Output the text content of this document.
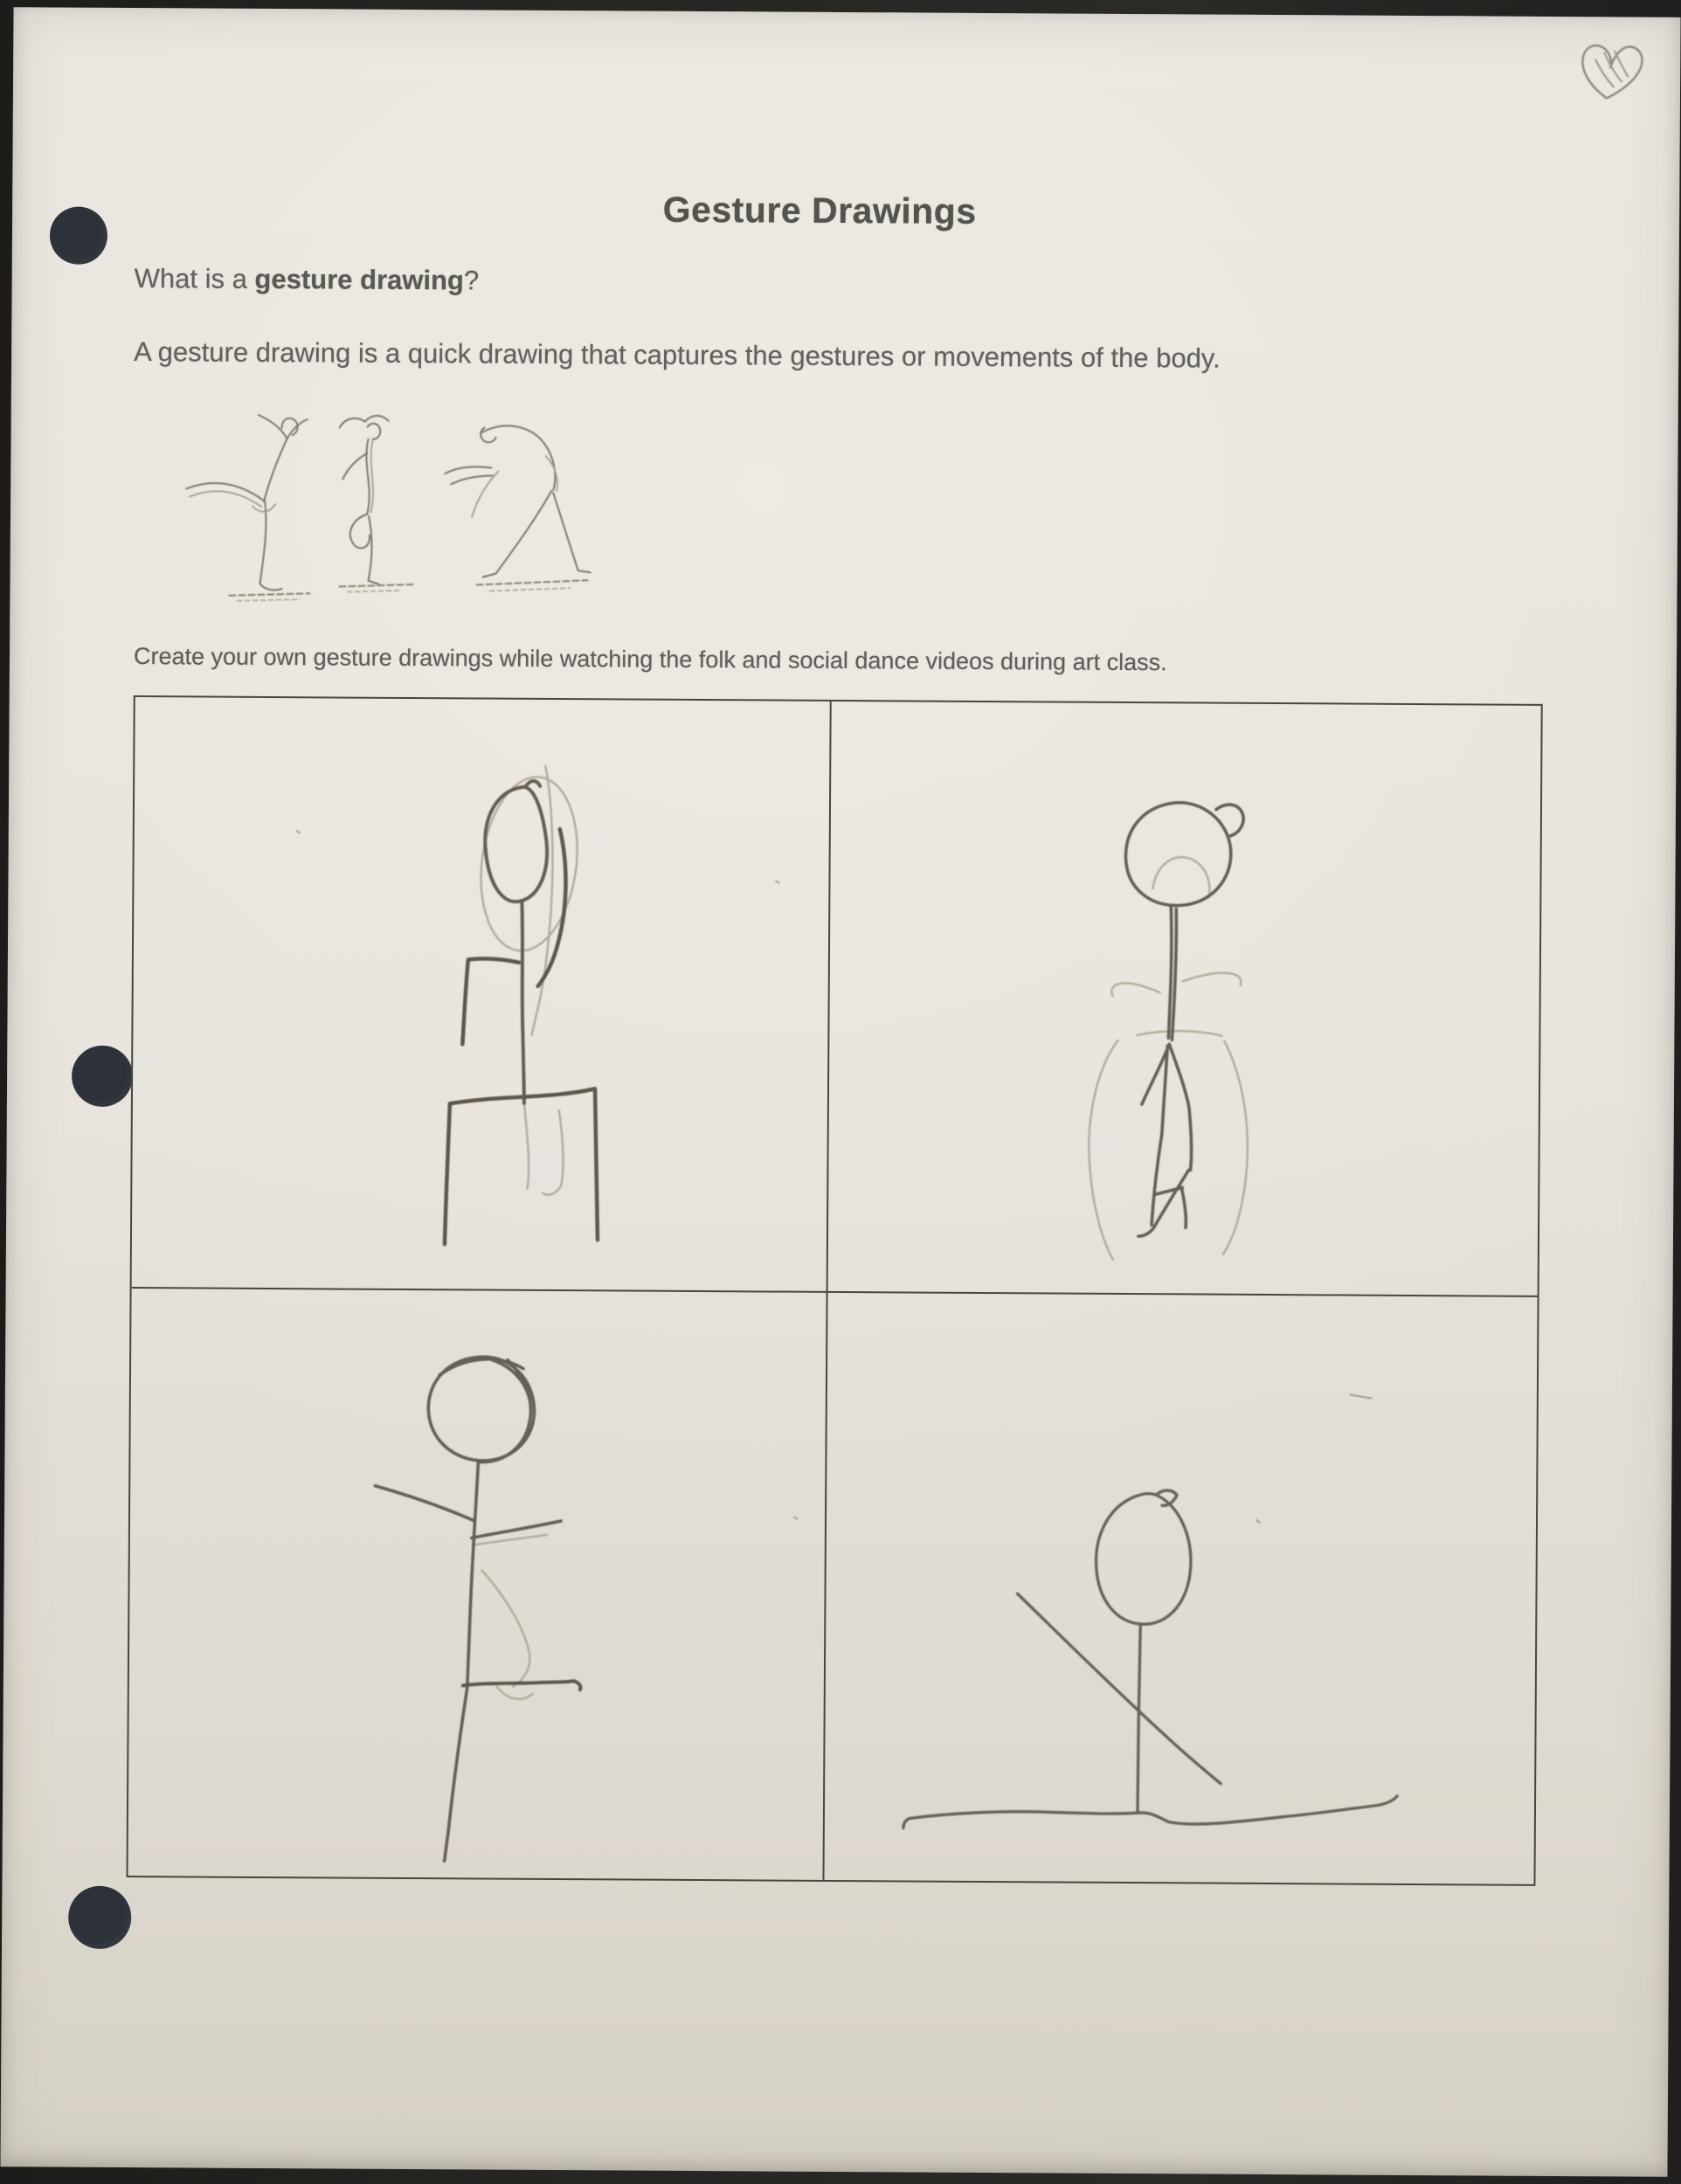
Gesture Drawings
What is a gesture drawing?
A gesture drawing is a quick drawing that captures the gestures or movements of the body.
Create your own gesture drawings while watching the folk and social dance videos during art class.
